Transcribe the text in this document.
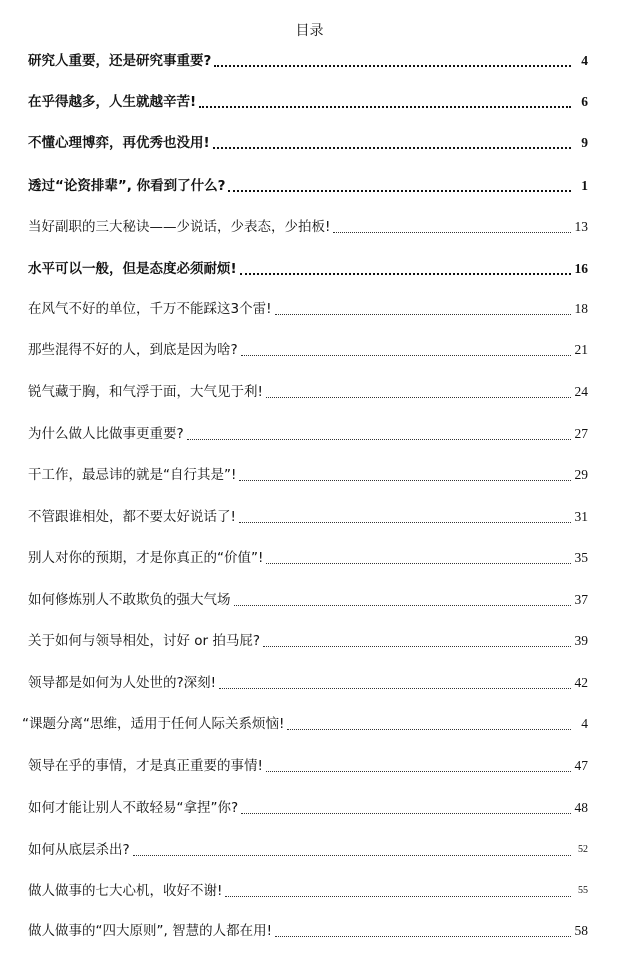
目录
研究人重要，还是研究事重要?	4
在乎得越多，人生就越辛苦!	6
不懂心理博弈，再优秀也没用!	9
透过“论资排辈”, 你看到了什么?	1
当好副职的三大秘诀——少说话，少表态，少拍板!	13
水平可以一般，但是态度必须耐烦!	16
在风气不好的单位，千万不能踩这3个雷!	18
那些混得不好的人，到底是因为啥?	21
锐气藏于胸，和气浮于面，大气见于利!	24
为什么做人比做事更重要?	27
干工作，最忌讳的就是“自行其是”!	29
不管跟谁相处，都不要太好说话了!	31
别人对你的预期，才是你真正的“价值”!	35
如何修炼别人不敢欺负的强大气场	37
关于如何与领导相处，讨好 or 拍马屁?	39
领导都是如何为人处世的?深刻!	42
“课题分离“思维，适用于任何人际关系烦恼!	4
领导在乎的事情，才是真正重要的事情!	47
如何才能让别人不敢轻易“拿捏”你?	48
如何从底层杀出?	52
做人做事的七大心机，收好不谢!	55
做人做事的“四大原则”, 智慧的人都在用!	58
